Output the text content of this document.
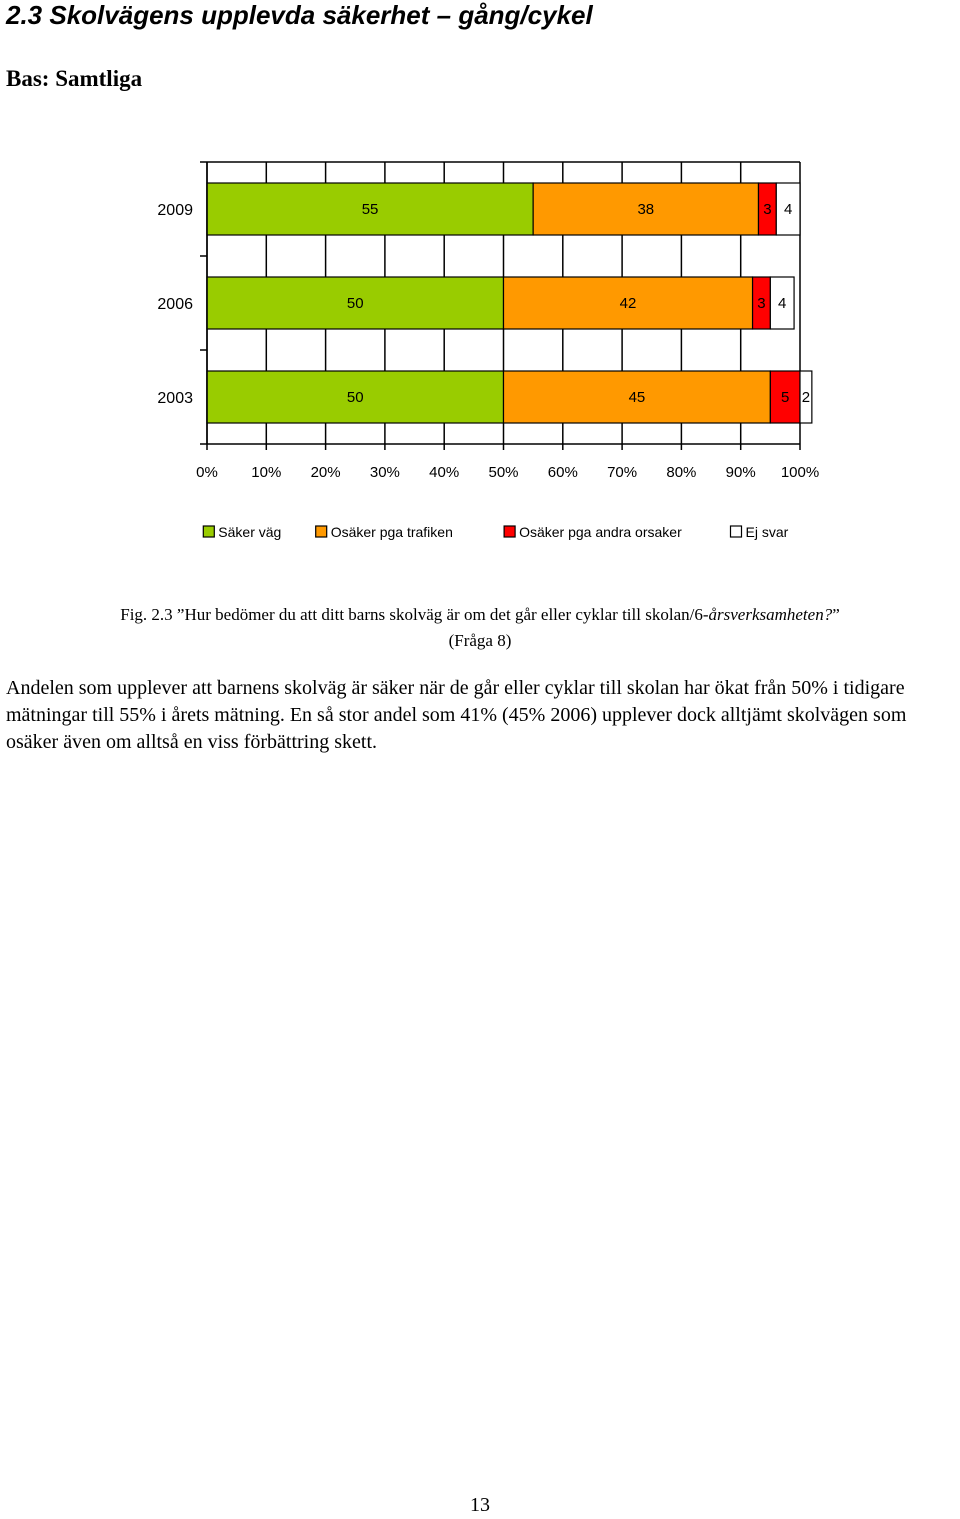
2.3 Skolvägens upplevda säkerhet – gång/cykel

Bas: Samtliga

55	38	3 4
2009
50	42	3 4
2006
50	45	5 2
2003
0% 10% 20% 30% 40% 50% 60% 70% 80% 90% 100%
Säker väg	Osäker pga trafiken	Osäker pga andra orsaker	Ej svar

Fig. 2.3 ”Hur bedömer du att ditt barns skolväg är om det går eller cyklar till skolan/6-årsverksamheten?”
(Fråga 8)

Andelen som upplever att barnens skolväg är säker när de går eller cyklar till skolan har ökat från 50% i tidigare mätningar till 55% i årets mätning. En så stor andel som 41% (45% 2006) upplever dock alltjämt skolvägen som osäker även om alltså en viss förbättring skett.

13
